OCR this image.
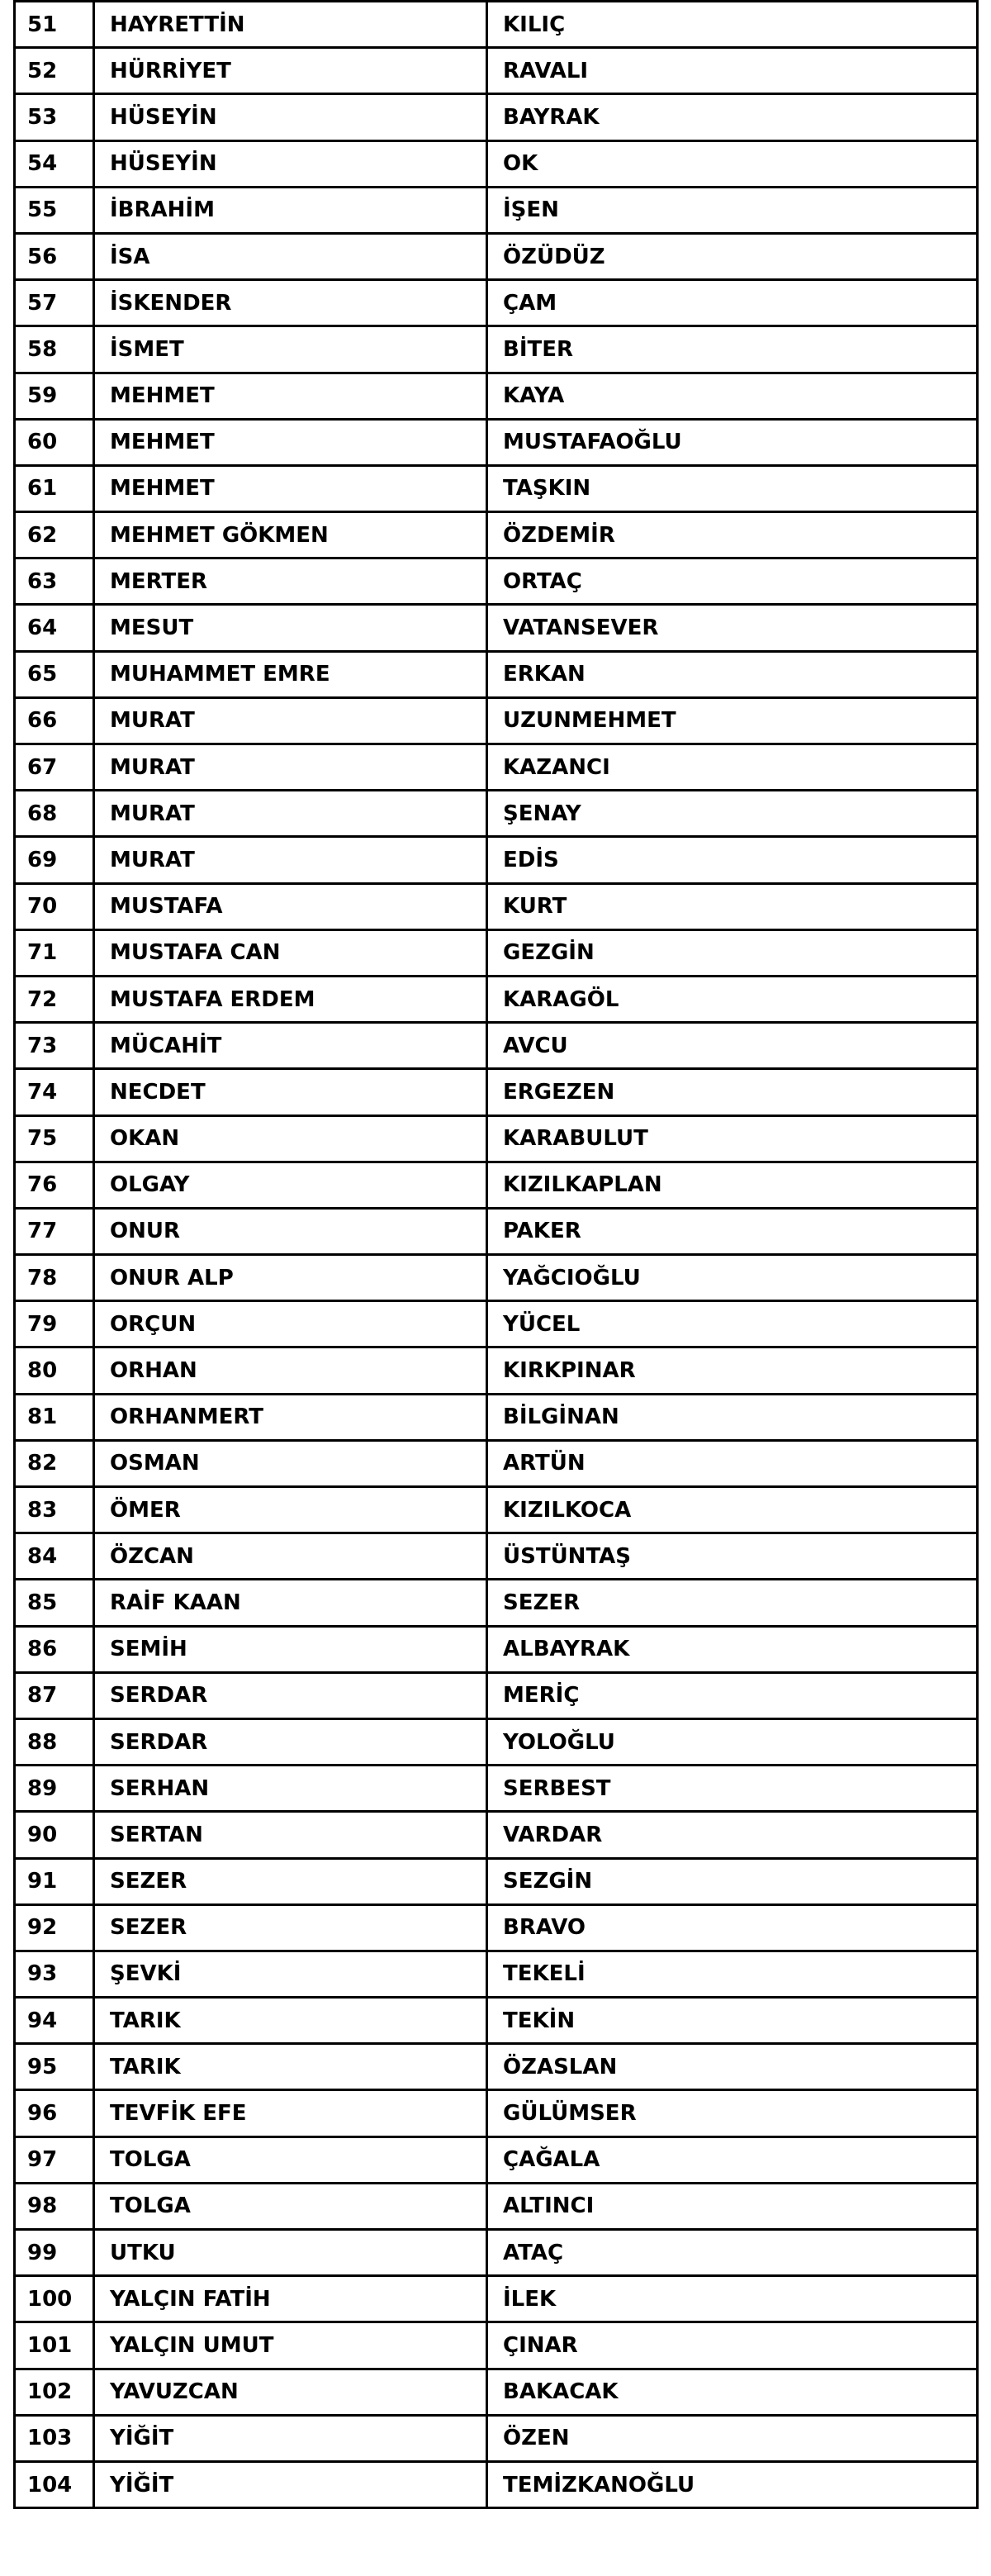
51	HAYRETTİN	KILIÇ
52	HÜRRİYET	RAVALI
53	HÜSEYİN	BAYRAK
54	HÜSEYİN	OK
55	İBRAHİM	İŞEN
56	İSA	ÖZÜDÜZ
57	İSKENDER	ÇAM
58	İSMET	BİTER
59	MEHMET	KAYA
60	MEHMET	MUSTAFAOĞLU
61	MEHMET	TAŞKIN
62	MEHMET GÖKMEN	ÖZDEMİR
63	MERTER	ORTAÇ
64	MESUT	VATANSEVER
65	MUHAMMET EMRE	ERKAN
66	MURAT	UZUNMEHMET
67	MURAT	KAZANCI
68	MURAT	ŞENAY
69	MURAT	EDİS
70	MUSTAFA	KURT
71	MUSTAFA CAN	GEZGİN
72	MUSTAFA ERDEM	KARAGÖL
73	MÜCAHİT	AVCU
74	NECDET	ERGEZEN
75	OKAN	KARABULUT
76	OLGAY	KIZILKAPLAN
77	ONUR	PAKER
78	ONUR ALP	YAĞCIOĞLU
79	ORÇUN	YÜCEL
80	ORHAN	KIRKPINAR
81	ORHANMERT	BİLGİNAN
82	OSMAN	ARTÜN
83	ÖMER	KIZILKOCA
84	ÖZCAN	ÜSTÜNTAŞ
85	RAİF KAAN	SEZER
86	SEMİH	ALBAYRAK
87	SERDAR	MERİÇ
88	SERDAR	YOLOĞLU
89	SERHAN	SERBEST
90	SERTAN	VARDAR
91	SEZER	SEZGİN
92	SEZER	BRAVO
93	ŞEVKİ	TEKELİ
94	TARIK	TEKİN
95	TARIK	ÖZASLAN
96	TEVFİK EFE	GÜLÜMSER
97	TOLGA	ÇAĞALA
98	TOLGA	ALTINCI
99	UTKU	ATAÇ
100	YALÇIN FATİH	İLEK
101	YALÇIN UMUT	ÇINAR
102	YAVUZCAN	BAKACAK
103	YİĞİT	ÖZEN
104	YİĞİT	TEMİZKANOĞLU
